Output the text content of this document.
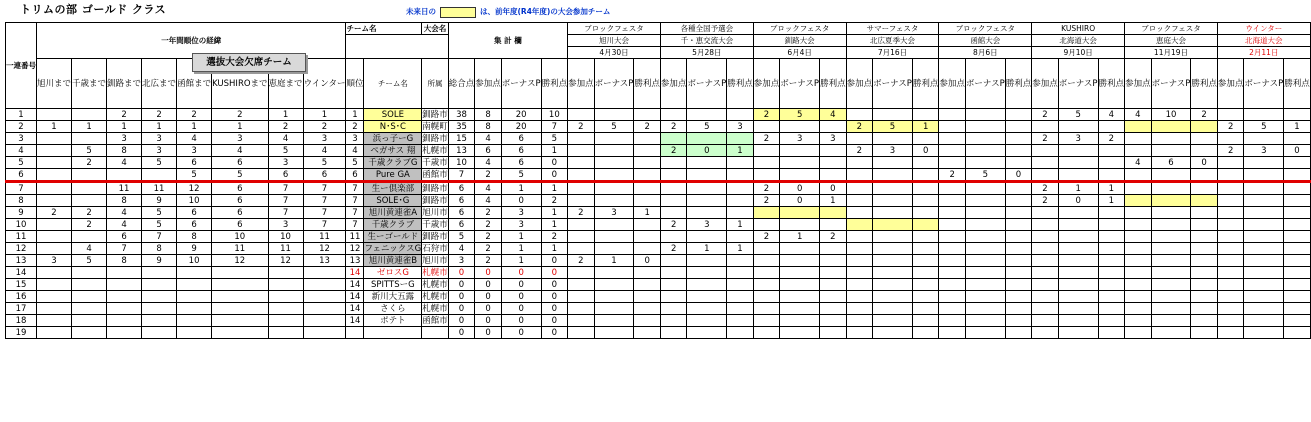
トリムの部 ゴールド クラス	未来日の	は、前年度(R4年度)の大会参加チーム
一連番号	一年間順位の経緯								チーム名		大会名	集 計 欄				ブロックフェスタ			各種全国予選会			ブロックフェスタ			サマーフェスタ			ブロックフェスタ			KUSHIRO			ブロックフェスタ			ウインター		
																旭川大会			千・恵交流大会			釧路大会			北広夏季大会			函館大会			北海道大会			恵庭大会			北海道大会		
																4月30日			5月28日			6月4日			7月16日			8月6日			9月10日			11月19日			2月11日		
	旭川まで	千歳まで	釧路まで	北広まで	函館まで	KUSHIROまで	恵庭まで	ウインター	順位	チーム名	所属	総合点	参加点	ボーナスP	勝利点	参加点	ボーナスP	勝利点	参加点	ボーナスP	勝利点	参加点	ボーナスP	勝利点	参加点	ボーナスP	勝利点	参加点	ボーナスP	勝利点	参加点	ボーナスP	勝利点	参加点	ボーナスP	勝利点	参加点	ボーナスP	勝利点
1			2	2	2	2	1	1	1	SOLE	釧路市	38	8	20	10							2	5	4							2	5	4	4	10	2			
2	1	1	1	1	1	1	2	2	2	N･S･C	南幌町	35	8	20	7	2	5	2	2	5	3				2	5	1										2	5	1
3			3	3	4	3	4	3	3	浜っ子ーG	釧路市	15	4	6	5							2	3	3							2	3	2						
4		5	8	3	3	4	5	4	4	ペガサス 翔	札幌市	13	6	6	1				2	0	1				2	3	0										2	3	0
5		2	4	5	6	6	3	5	5	千歳クラブG	千歳市	10	4	6	0																			4	6	0			
6					5	5	6	6	6	Pure GA	函館市	7	2	5	0													2	5	0									
7			11	11	12	6	7	7	7	生ー倶楽部	釧路市	6	4	1	1							2	0	0							2	1	1						
8			8	9	10	6	7	7	7	SOLE･G	釧路市	6	4	0	2							2	0	1							2	0	1						
9	2	2	4	5	6	6	7	7	7	旭川黄連雀A	旭川市	6	2	3	1	2	3	1																					
10		2	4	5	6	6	3	7	7	千歳クラブ	千歳市	6	2	3	1				2	3	1																		
11			6	7	8	10	10	11	11	生ーゴールド	釧路市	5	2	1	2							2	1	2															
12		4	7	8	9	11	11	12	12	フェニックスG	石狩市	4	2	1	1				2	1	1																		
13	3	5	8	9	10	12	12	13	13	旭川黄連雀B	旭川市	3	2	1	0	2	1	0																					
14									14	ゼロスG	札幌市	0	0	0	0																								
15									14	SPITTSーG	札幌市	0	0	0	0																								
16									14	新川大五露	札幌市	0	0	0	0																								
17									14	さくら	札幌市	0	0	0	0																								
18									14	ポテト	函館市	0	0	0	0																								
19												0	0	0	0																								
選抜大会欠席チーム
